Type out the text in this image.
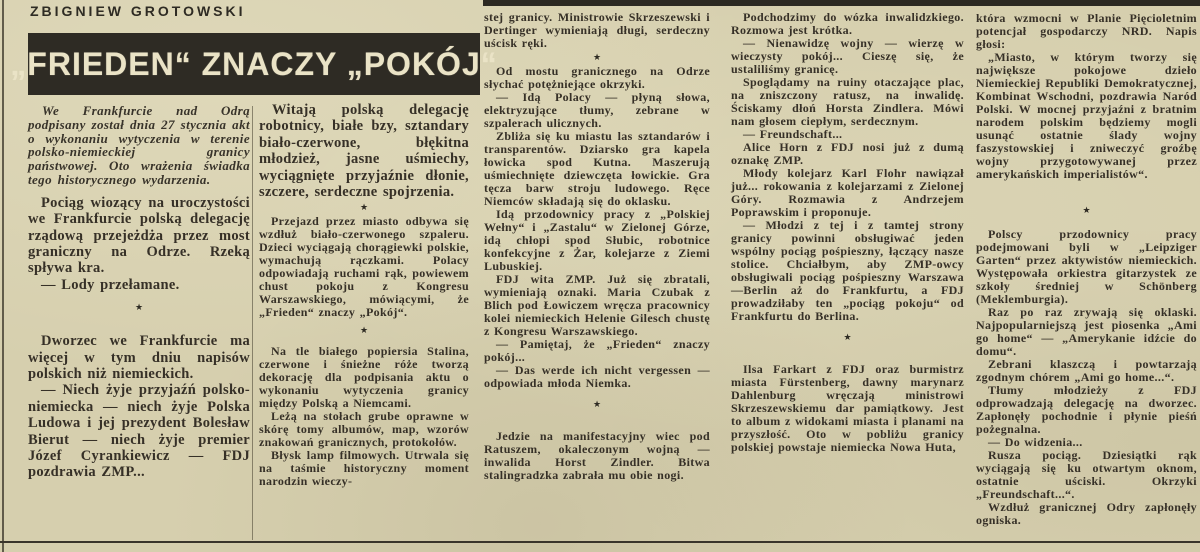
ZBIGNIEW GROTOWSKI
„FRIEDEN“ ZNACZY „POKÓJ“
We Frankfurcie nad Odrą podpisany został dnia 27 stycznia akt o wykonaniu wytyczenia w terenie polsko-niemieckiej granicy państwowej. Oto wrażenia świadka tego historycznego wydarzenia.

Pociąg wiozący na uroczystości we Frankfurcie polską delegację rządową przejeżdża przez most graniczny na Odrze. Rzeką spływa kra.

— Lody przełamane.

★

Dworzec we Frankfurcie ma więcej w tym dniu napisów polskich niż niemieckich.

— Niech żyje przyjaźń polsko-niemiecka — niech żyje Polska Ludowa i jej prezydent Bolesław Bierut — niech żyje premier Józef Cyrankiewicz — FDJ pozdrawia ZMP...

Witają polską delegację robotnicy, białe bzy, sztandary biało-czerwone, błękitna młodzież, jasne uśmiechy, wyciągnięte przyjaźnie dłonie, szczere, serdeczne spojrzenia.

★

Przejazd przez miasto odbywa się wzdłuż biało-czerwonego szpaleru. Dzieci wyciągają chorągiewki polskie, wymachują rączkami. Polacy odpowiadają ruchami rąk, powiewem chust pokoju z Kongresu Warszawskiego, mówiącymi, że „Frieden“ znaczy „Pokój“.

★

Na tle białego popiersia Stalina, czerwone i śnieżne róże tworzą dekorację dla podpisania aktu o wykonaniu wytyczenia granicy między Polską a Niemcami.

Leżą na stołach grube oprawne w skórę tomy albumów, map, wzorów znakowań granicznych, protokołów.

Błysk lamp filmowych. Utrwala się na taśmie historyczny moment narodzin wieczy-

stej granicy. Ministrowie Skrzeszewski i Dertinger wymieniają długi, serdeczny uścisk ręki.

★

Od mostu granicznego na Odrze słychać potężniejące okrzyki.

— Idą Polacy — płyną słowa, elektryzujące tłumy, zebrane w szpalerach ulicznych.

Zbliża się ku miastu las sztandarów i transparentów. Dziarsko gra kapela łowicka spod Kutna. Maszerują uśmiechnięte dziewczęta łowickie. Gra tęcza barw stroju ludowego. Ręce Niemców składają się do oklasku.

Idą przodownicy pracy z „Polskiej Wełny“ i „Zastalu“ w Zielonej Górze, idą chłopi spod Słubic, robotnice konfekcyjne z Żar, kolejarze z Ziemi Lubuskiej.

FDJ wita ZMP. Już się zbratali, wymieniają oznaki. Maria Czubak z Blich pod Łowiczem wręcza pracownicy kolei niemieckich Helenie Gilesch chustę z Kongresu Warszawskiego.

— Pamiętaj, że „Frieden“ znaczy pokój...

— Das werde ich nicht vergessen — odpowiada młoda Niemka.

★

Jedzie na manifestacyjny wiec pod Ratuszem, okaleczonym wojną — inwalida Horst Zindler. Bitwa stalingradzka zabrała mu obie nogi.

Podchodzimy do wózka inwalidzkiego. Rozmowa jest krótka.

— Nienawidzę wojny — wierzę w wieczysty pokój... Cieszę się, że ustaliliśmy granicę.

Spoglądamy na ruiny otaczające plac, na zniszczony ratusz, na inwalidę. Ściskamy dłoń Horsta Zindlera. Mówi nam głosem ciepłym, serdecznym.

— Freundschaft...

Alice Horn z FDJ nosi już z dumą oznakę ZMP.

Młody kolejarz Karl Flohr nawiązał już... rokowania z kolejarzami z Zielonej Góry. Rozmawia z Andrzejem Poprawskim i proponuje.

— Młodzi z tej i z tamtej strony granicy powinni obsługiwać jeden wspólny pociąg pośpieszny, łączący nasze stolice. Chciałbym, aby ZMP-owcy obsługiwali pociąg pośpieszny Warszawa—Berlin aż do Frankfurtu, a FDJ prowadziłaby ten „pociąg pokoju“ od Frankfurtu do Berlina.

★

Ilsa Farkart z FDJ oraz burmistrz miasta Fürstenberg, dawny marynarz Dahlenburg wręczają ministrowi Skrzeszewskiemu dar pamiątkowy. Jest to album z widokami miasta i planami na przyszłość. Oto w pobliżu granicy polskiej powstaje niemiecka Nowa Huta,

która wzmocni w Planie Pięcioletnim potencjał gospodarczy NRD. Napis głosi:

„Miasto, w którym tworzy się największe pokojowe dzieło Niemieckiej Republiki Demokratycznej, Kombinat Wschodni, pozdrawia Naród Polski. W mocnej przyjaźni z bratnim narodem polskim będziemy mogli usunąć ostatnie ślady wojny faszystowskiej i zniweczyć groźbę wojny przygotowywanej przez amerykańskich imperialistów“.

★

Polscy przodownicy pracy podejmowani byli w „Leipziger Garten“ przez aktywistów niemieckich. Występowała orkiestra gitarzystek ze szkoły średniej w Schönberg (Meklemburgia).

Raz po raz zrywają się oklaski. Najpopularniejszą jest piosenka „Ami go home“ — „Amerykanie idźcie do domu“.

Zebrani klaszczą i powtarzają zgodnym chórem „Ami go home...“.

Tłumy młodzieży z FDJ odprowadzają delegację na dworzec. Zapłonęły pochodnie i płynie pieśń pożegnalna.

— Do widzenia...

Rusza pociąg. Dziesiątki rąk wyciągają się ku otwartym oknom, ostatnie uściski. Okrzyki „Freundschaft...“.

Wzdłuż granicznej Odry zapłonęły ogniska.
